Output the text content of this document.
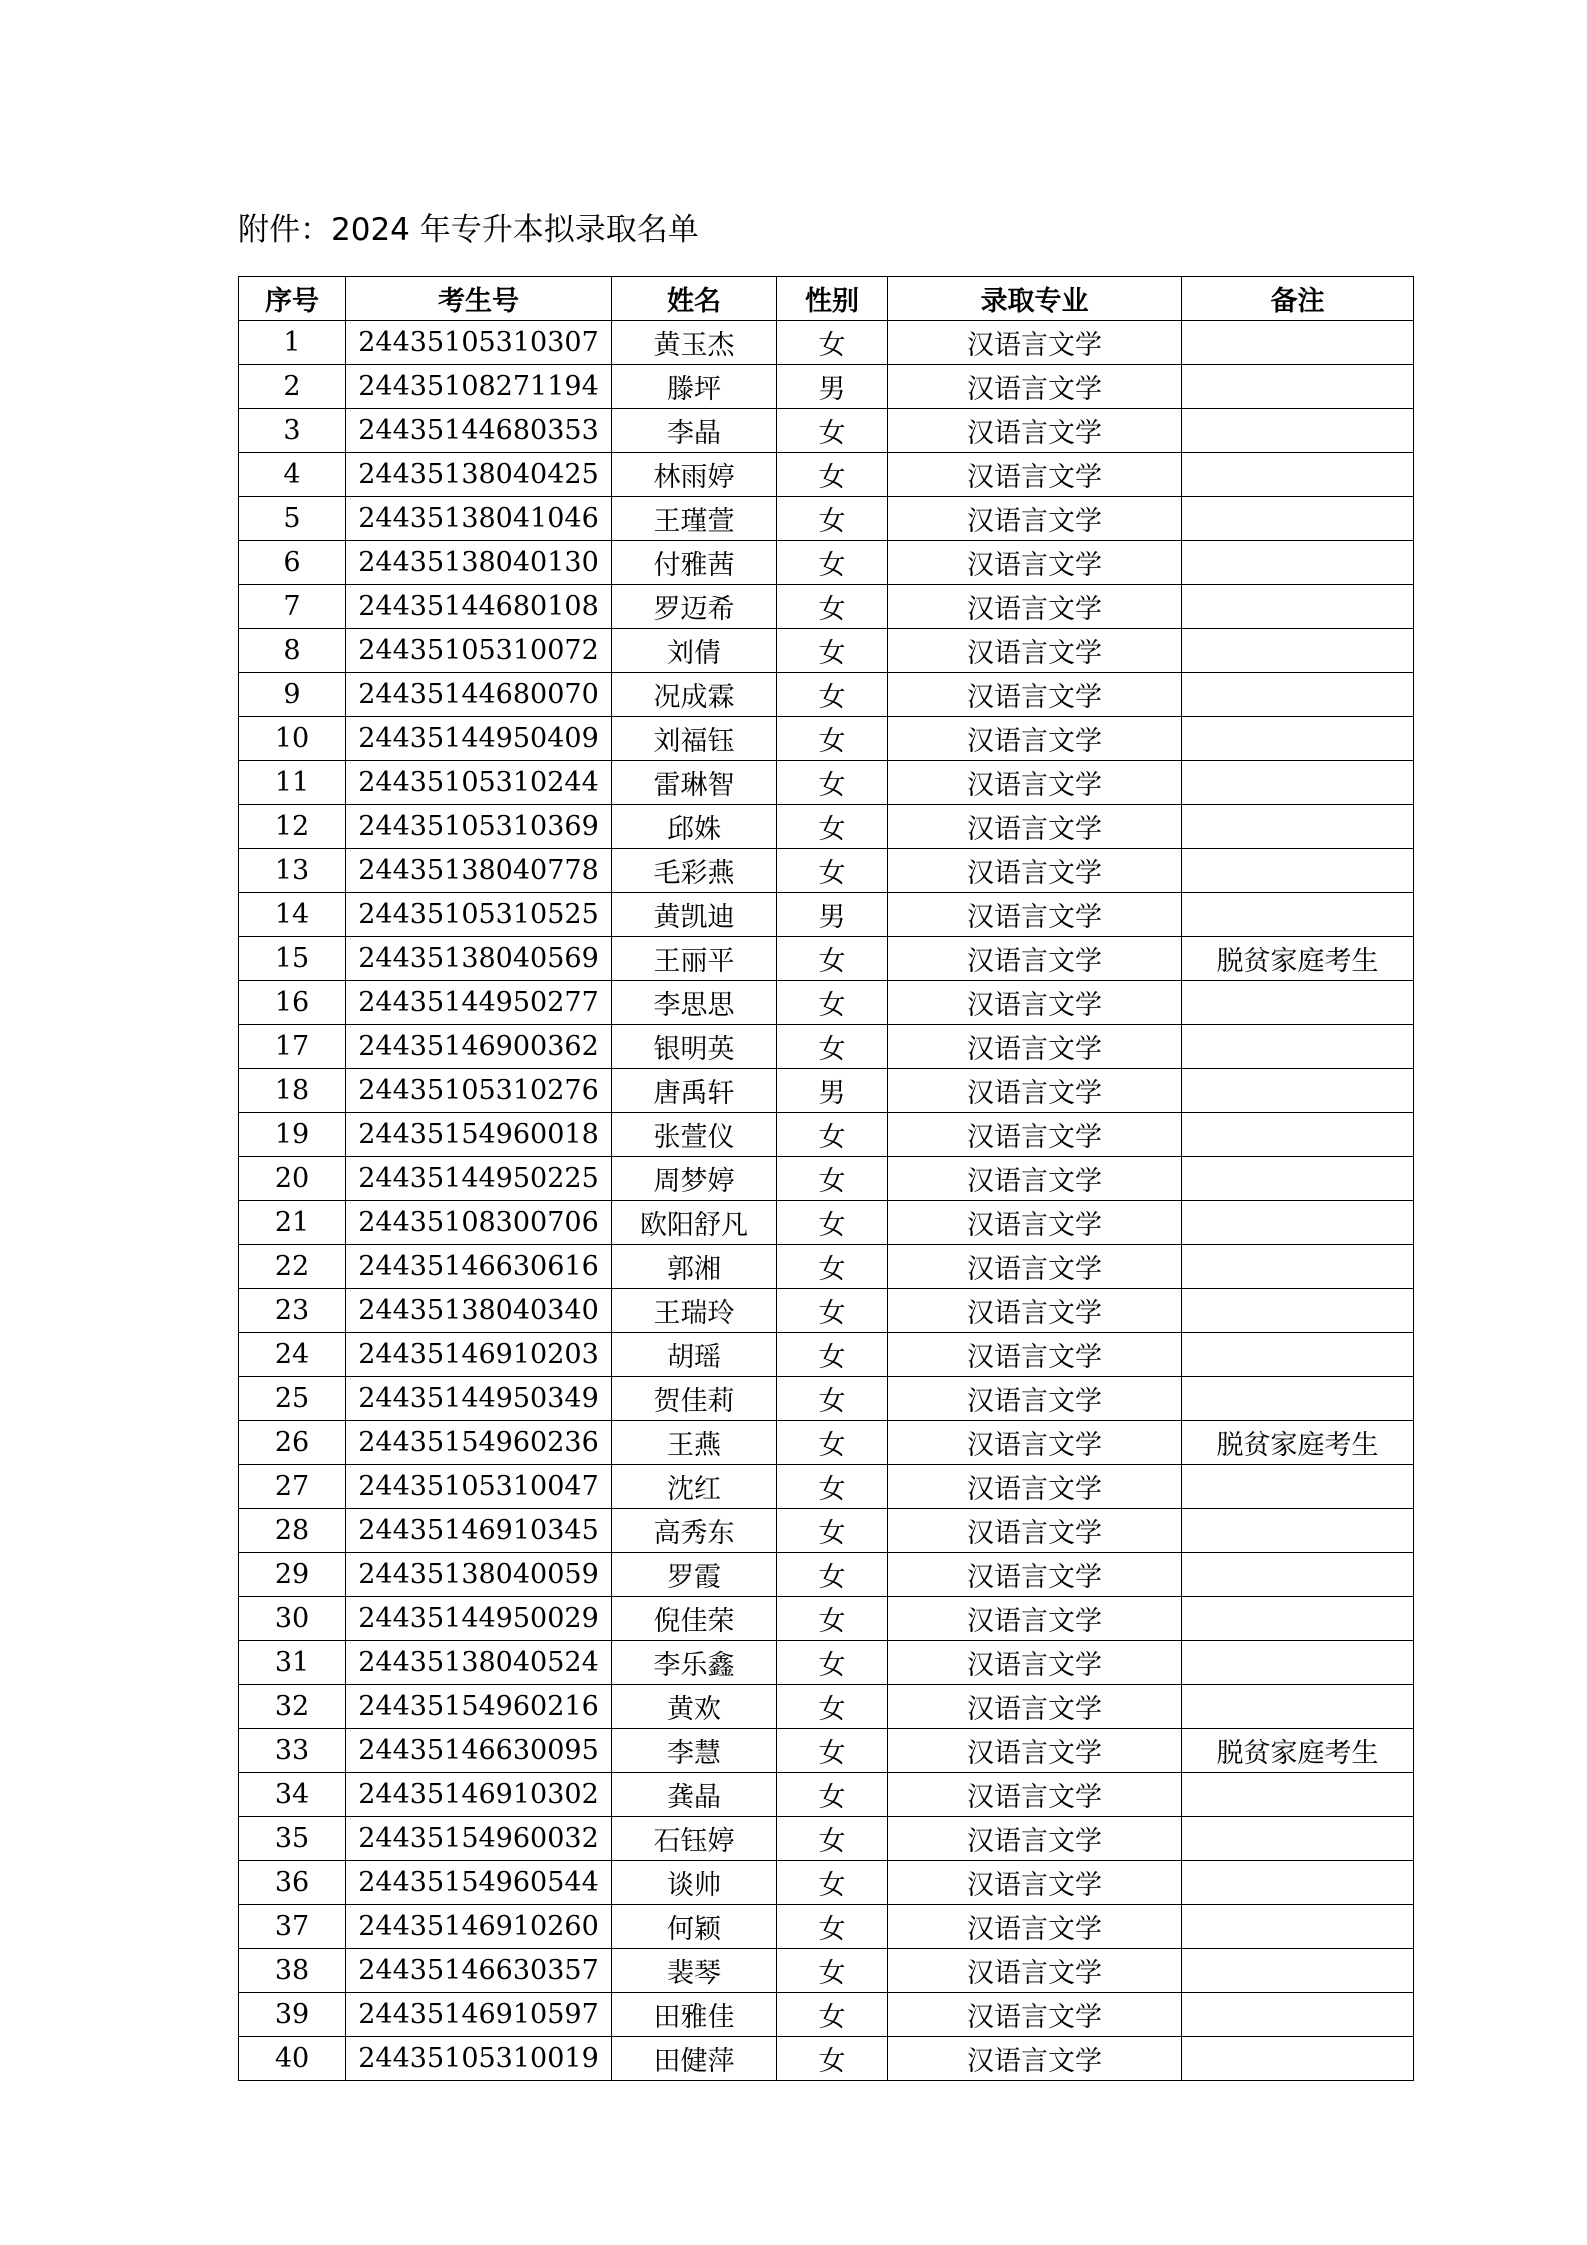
附件：2024 年专升本拟录取名单
序号	考生号	姓名	性别	录取专业	备注
1	24435105310307	黄玉杰	女	汉语言文学	
2	24435108271194	滕坪	男	汉语言文学	
3	24435144680353	李晶	女	汉语言文学	
4	24435138040425	林雨婷	女	汉语言文学	
5	24435138041046	王瑾萱	女	汉语言文学	
6	24435138040130	付雅茜	女	汉语言文学	
7	24435144680108	罗迈希	女	汉语言文学	
8	24435105310072	刘倩	女	汉语言文学	
9	24435144680070	况成霖	女	汉语言文学	
10	24435144950409	刘福钰	女	汉语言文学	
11	24435105310244	雷琳智	女	汉语言文学	
12	24435105310369	邱姝	女	汉语言文学	
13	24435138040778	毛彩燕	女	汉语言文学	
14	24435105310525	黄凯迪	男	汉语言文学	
15	24435138040569	王丽平	女	汉语言文学	脱贫家庭考生
16	24435144950277	李思思	女	汉语言文学	
17	24435146900362	银明英	女	汉语言文学	
18	24435105310276	唐禹轩	男	汉语言文学	
19	24435154960018	张萱仪	女	汉语言文学	
20	24435144950225	周梦婷	女	汉语言文学	
21	24435108300706	欧阳舒凡	女	汉语言文学	
22	24435146630616	郭湘	女	汉语言文学	
23	24435138040340	王瑞玲	女	汉语言文学	
24	24435146910203	胡瑶	女	汉语言文学	
25	24435144950349	贺佳莉	女	汉语言文学	
26	24435154960236	王燕	女	汉语言文学	脱贫家庭考生
27	24435105310047	沈红	女	汉语言文学	
28	24435146910345	高秀东	女	汉语言文学	
29	24435138040059	罗霞	女	汉语言文学	
30	24435144950029	倪佳荣	女	汉语言文学	
31	24435138040524	李乐鑫	女	汉语言文学	
32	24435154960216	黄欢	女	汉语言文学	
33	24435146630095	李慧	女	汉语言文学	脱贫家庭考生
34	24435146910302	龚晶	女	汉语言文学	
35	24435154960032	石钰婷	女	汉语言文学	
36	24435154960544	谈帅	女	汉语言文学	
37	24435146910260	何颖	女	汉语言文学	
38	24435146630357	裴琴	女	汉语言文学	
39	24435146910597	田雅佳	女	汉语言文学	
40	24435105310019	田健萍	女	汉语言文学	
